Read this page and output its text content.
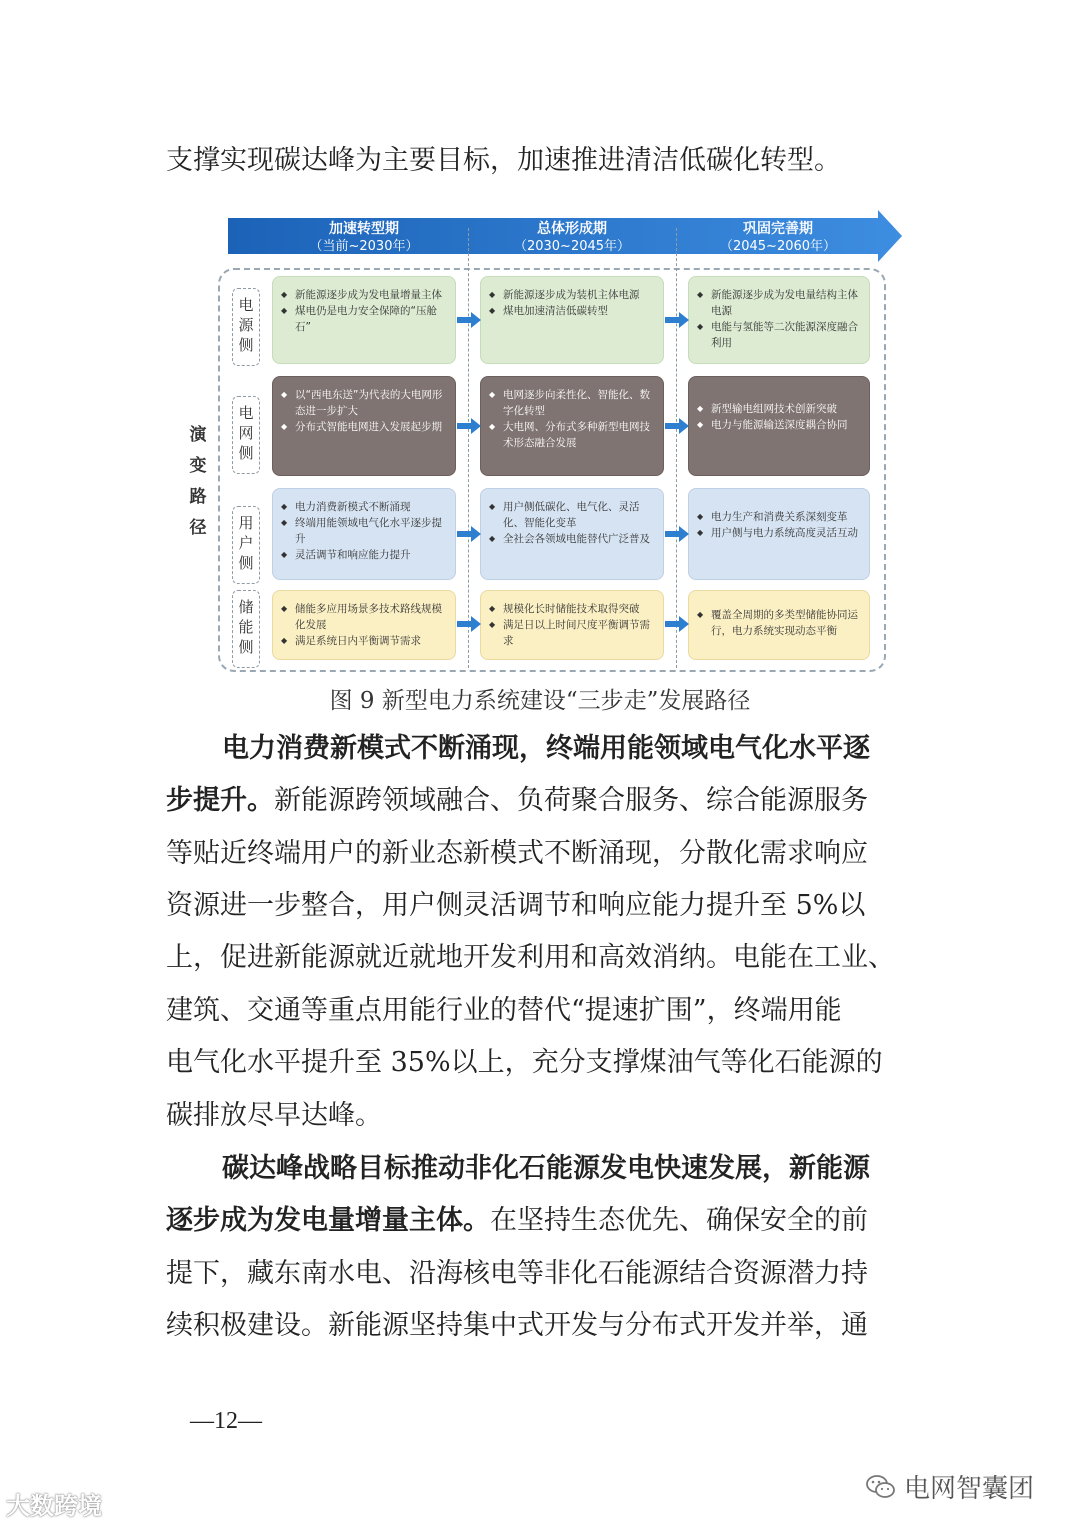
支撑实现碳达峰为主要目标，加速推进清洁低碳化转型。
加速转型期
（当前~2030年）
总体形成期
（2030~2045年）
巩固完善期
（2045~2060年）
演
变
路
径
电
源
侧
电
网
侧
用
户
侧
储
能
侧
◆ 新能源逐步成为发电量增量主体
◆ 煤电仍是电力安全保障的“压舱石”
◆ 新能源逐步成为装机主体电源
◆ 煤电加速清洁低碳转型
◆ 新能源逐步成为发电量结构主体电源
◆ 电能与氢能等二次能源深度融合利用
◆ 以“西电东送”为代表的大电网形态进一步扩大
◆ 分布式智能电网进入发展起步期
◆ 电网逐步向柔性化、智能化、数字化转型
◆ 大电网、分布式多种新型电网技术形态融合发展
◆ 新型输电组网技术创新突破
◆ 电力与能源输送深度耦合协同
◆ 电力消费新模式不断涌现
◆ 终端用能领域电气化水平逐步提升
◆ 灵活调节和响应能力提升
◆ 用户侧低碳化、电气化、灵活化、智能化变革
◆ 全社会各领域电能替代广泛普及
◆ 电力生产和消费关系深刻变革
◆ 用户侧与电力系统高度灵活互动
◆ 储能多应用场景多技术路线规模化发展
◆ 满足系统日内平衡调节需求
◆ 规模化长时储能技术取得突破
◆ 满足日以上时间尺度平衡调节需求
◆ 覆盖全周期的多类型储能协同运行，电力系统实现动态平衡
图 9 新型电力系统建设“三步走”发展路径
电力消费新模式不断涌现，终端用能领域电气化水平逐
步提升。新能源跨领域融合、负荷聚合服务、综合能源服务
等贴近终端用户的新业态新模式不断涌现，分散化需求响应
资源进一步整合，用户侧灵活调节和响应能力提升至 5%以
上，促进新能源就近就地开发利用和高效消纳。电能在工业、
建筑、交通等重点用能行业的替代“提速扩围”，终端用能
电气化水平提升至 35%以上，充分支撑煤油气等化石能源的
碳排放尽早达峰。
碳达峰战略目标推动非化石能源发电快速发展，新能源
逐步成为发电量增量主体。在坚持生态优先、确保安全的前
提下，藏东南水电、沿海核电等非化石能源结合资源潜力持
续积极建设。新能源坚持集中式开发与分布式开发并举，通
—12—
大数跨境
电网智囊团
